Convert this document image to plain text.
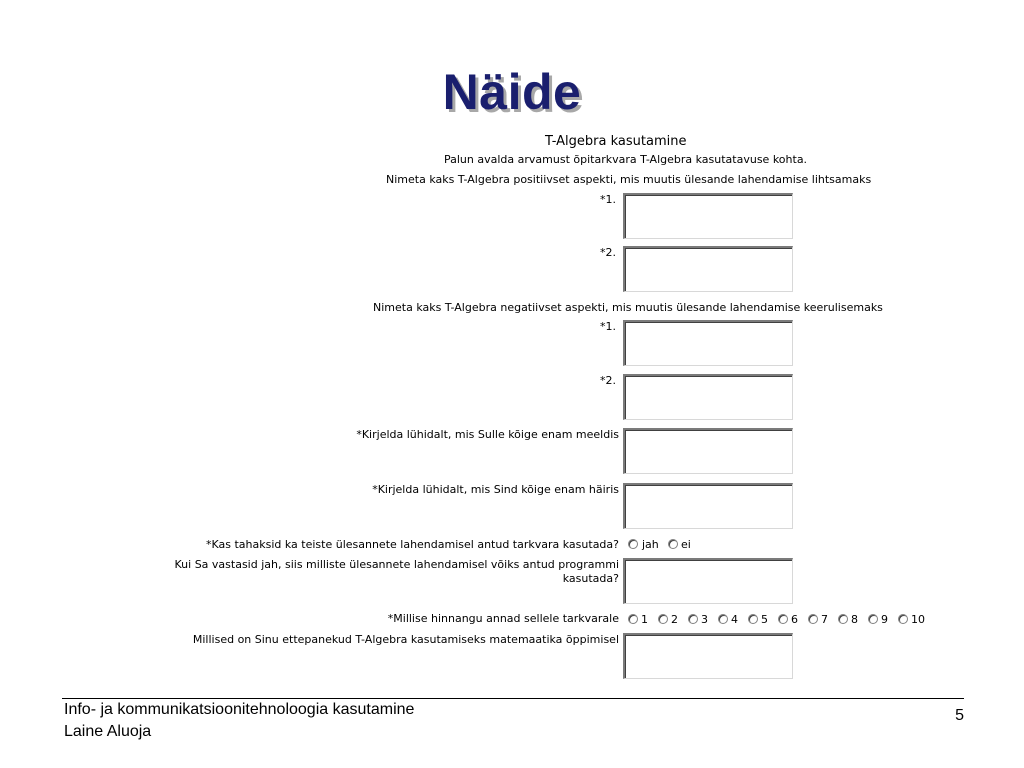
Näide
T-Algebra kasutamine
Palun avalda arvamust õpitarkvara T-Algebra kasutatavuse kohta.
Nimeta kaks T-Algebra positiivset aspekti, mis muutis ülesande lahendamise lihtsamaks
*1.
*2.
Nimeta kaks T-Algebra negatiivset aspekti, mis muutis ülesande lahendamise keerulisemaks
*1.
*2.
*Kirjelda lühidalt, mis Sulle kõige enam meeldis
*Kirjelda lühidalt, mis Sind kõige enam häiris
*Kas tahaksid ka teiste ülesannete lahendamisel antud tarkvara kasutada? jah ei
Kui Sa vastasid jah, siis milliste ülesannete lahendamisel võiks antud programmi
kasutada?
*Millise hinnangu annad sellele tarkvarale 1 2 3 4 5 6 7 8 9 10
Millised on Sinu ettepanekud T-Algebra kasutamiseks matemaatika õppimisel
Info- ja kommunikatsioonitehnoloogia kasutamine
Laine Aluoja
5
